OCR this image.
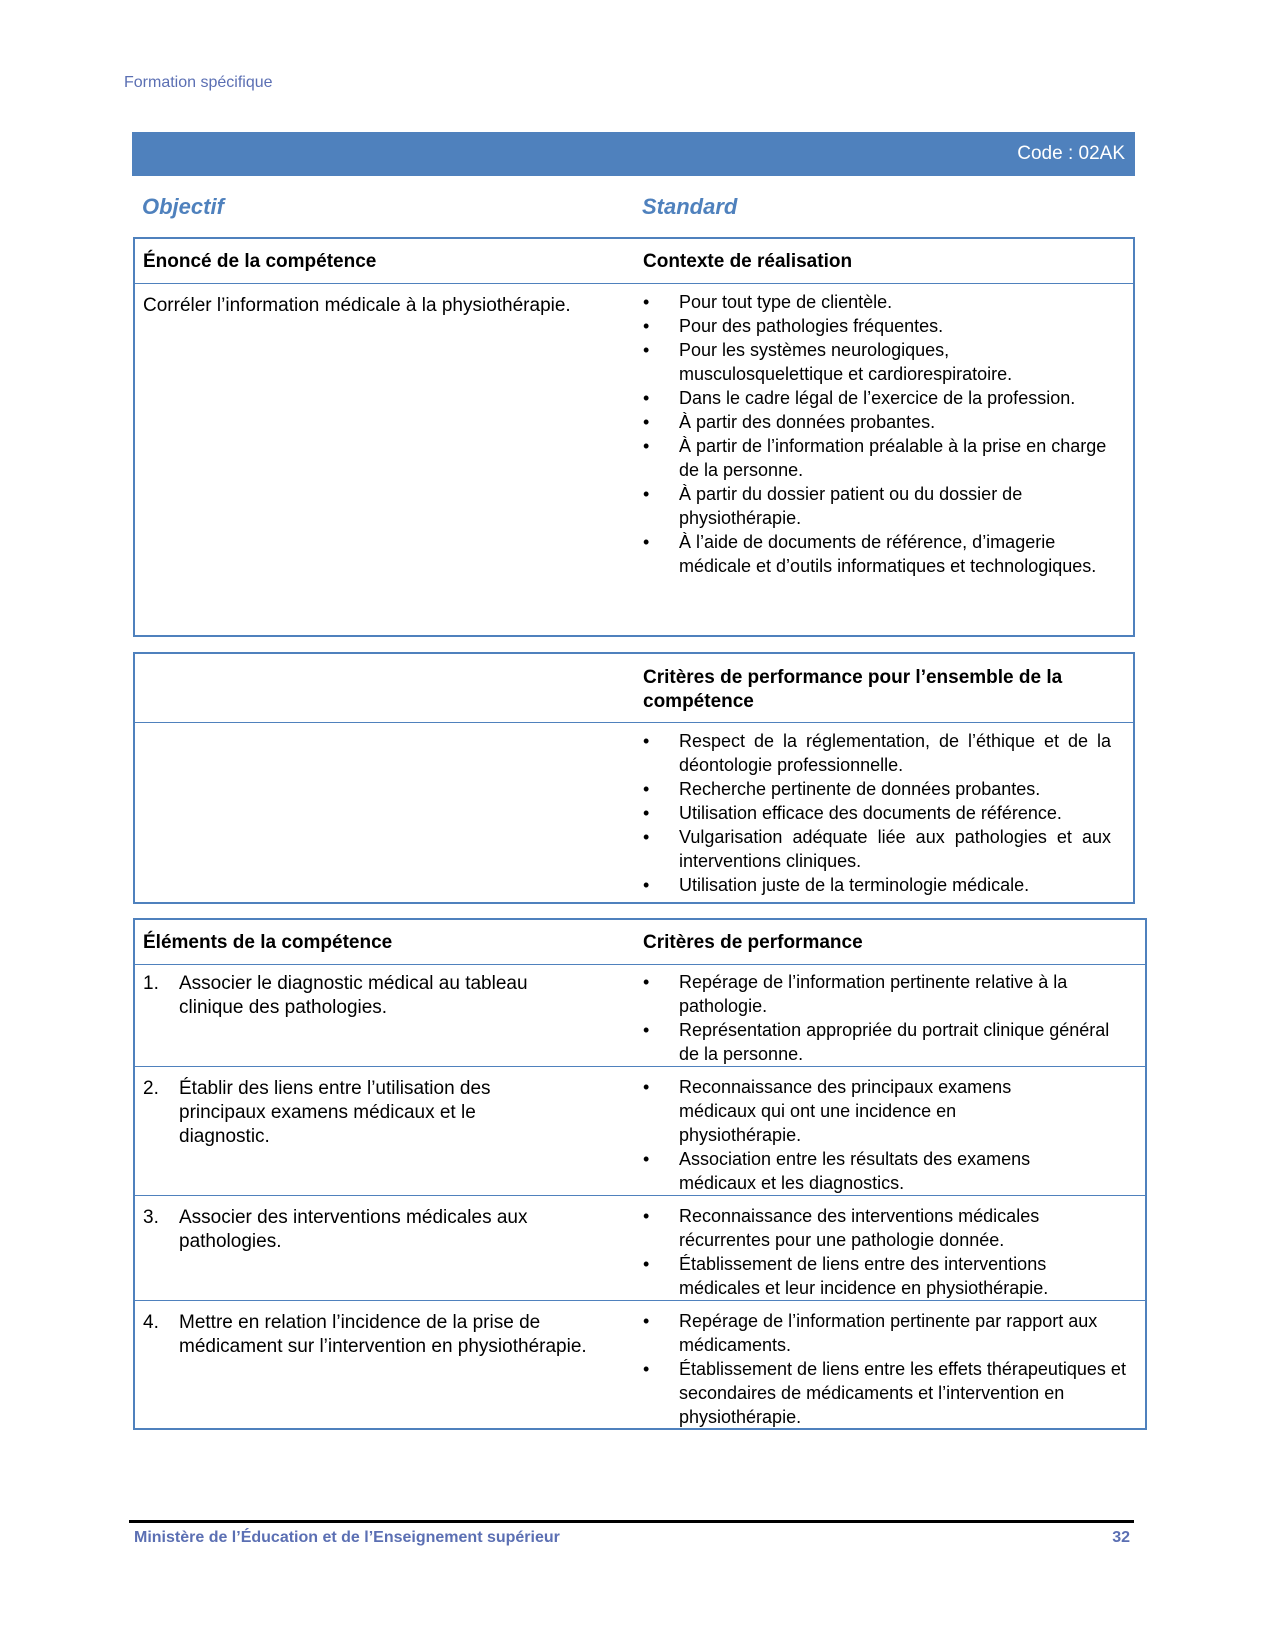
Formation spécifique
Code : 02AK
Objectif	Standard
Énoncé de la compétence	Contexte de réalisation
Corréler l’information médicale à la physiothérapie.	• Pour tout type de clientèle.
• Pour des pathologies fréquentes.
• Pour les systèmes neurologiques, musculosquelettique et cardiorespiratoire.
• Dans le cadre légal de l’exercice de la profession.
• À partir des données probantes.
• À partir de l’information préalable à la prise en charge de la personne.
• À partir du dossier patient ou du dossier de physiothérapie.
• À l’aide de documents de référence, d’imagerie médicale et d’outils informatiques et technologiques.
Critères de performance pour l’ensemble de la compétence
• Respect de la réglementation, de l’éthique et de la déontologie professionnelle.
• Recherche pertinente de données probantes.
• Utilisation efficace des documents de référence.
• Vulgarisation adéquate liée aux pathologies et aux interventions cliniques.
• Utilisation juste de la terminologie médicale.
Éléments de la compétence	Critères de performance
1. Associer le diagnostic médical au tableau clinique des pathologies.
• Repérage de l’information pertinente relative à la pathologie.
• Représentation appropriée du portrait clinique général de la personne.
2. Établir des liens entre l’utilisation des principaux examens médicaux et le diagnostic.
• Reconnaissance des principaux examens médicaux qui ont une incidence en physiothérapie.
• Association entre les résultats des examens médicaux et les diagnostics.
3. Associer des interventions médicales aux pathologies.
• Reconnaissance des interventions médicales récurrentes pour une pathologie donnée.
• Établissement de liens entre des interventions médicales et leur incidence en physiothérapie.
4. Mettre en relation l’incidence de la prise de médicament sur l’intervention en physiothérapie.
• Repérage de l’information pertinente par rapport aux médicaments.
• Établissement de liens entre les effets thérapeutiques et secondaires de médicaments et l’intervention en physiothérapie.
Ministère de l’Éducation et de l’Enseignement supérieur	32
